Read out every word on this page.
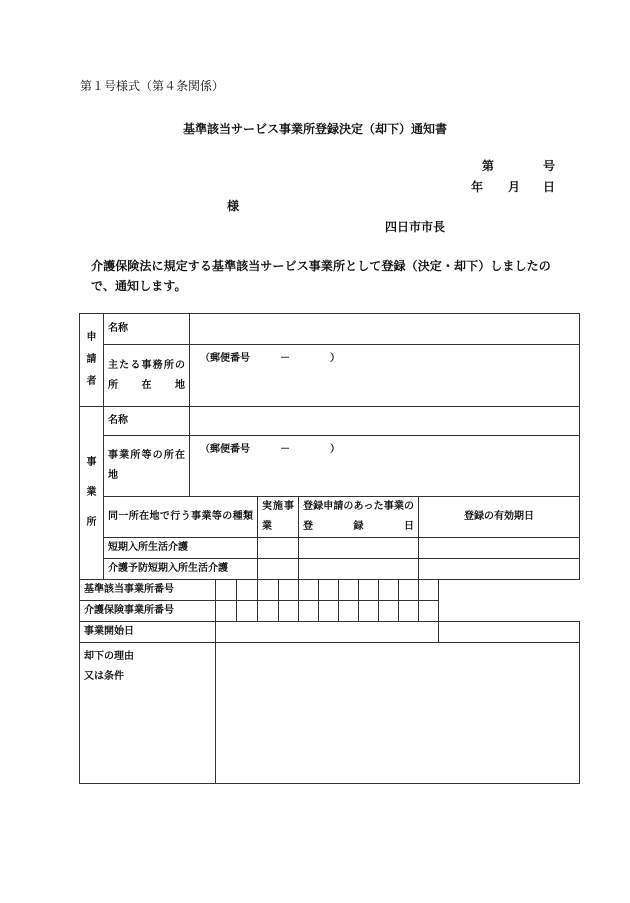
第１号様式（第４条関係）
基準該当サービス事業所登録決定（却下）通知書
第	号
年 月 日
様
四日市市長
介護保険法に規定する基準該当サービス事業所として登録（決定・却下）しましたので、通知します。
申
請
者	名称													
	主たる事務所の所在地	（郵便番号　　　－　　　　）												

事
業
所	名称													
	事業所等の所在地	（郵便番号　　　－　　　　）												
	同一所在地で行う事業等の種類				実施事業		登録申請のあった事業の登録日						登録の有効期日	
	短期入所生活介護													
	介護予防短期入所生活介護													
基準該当事業所番号														
介護保険事業所番号														
事業開始日														
却下の理由
又は条件														
